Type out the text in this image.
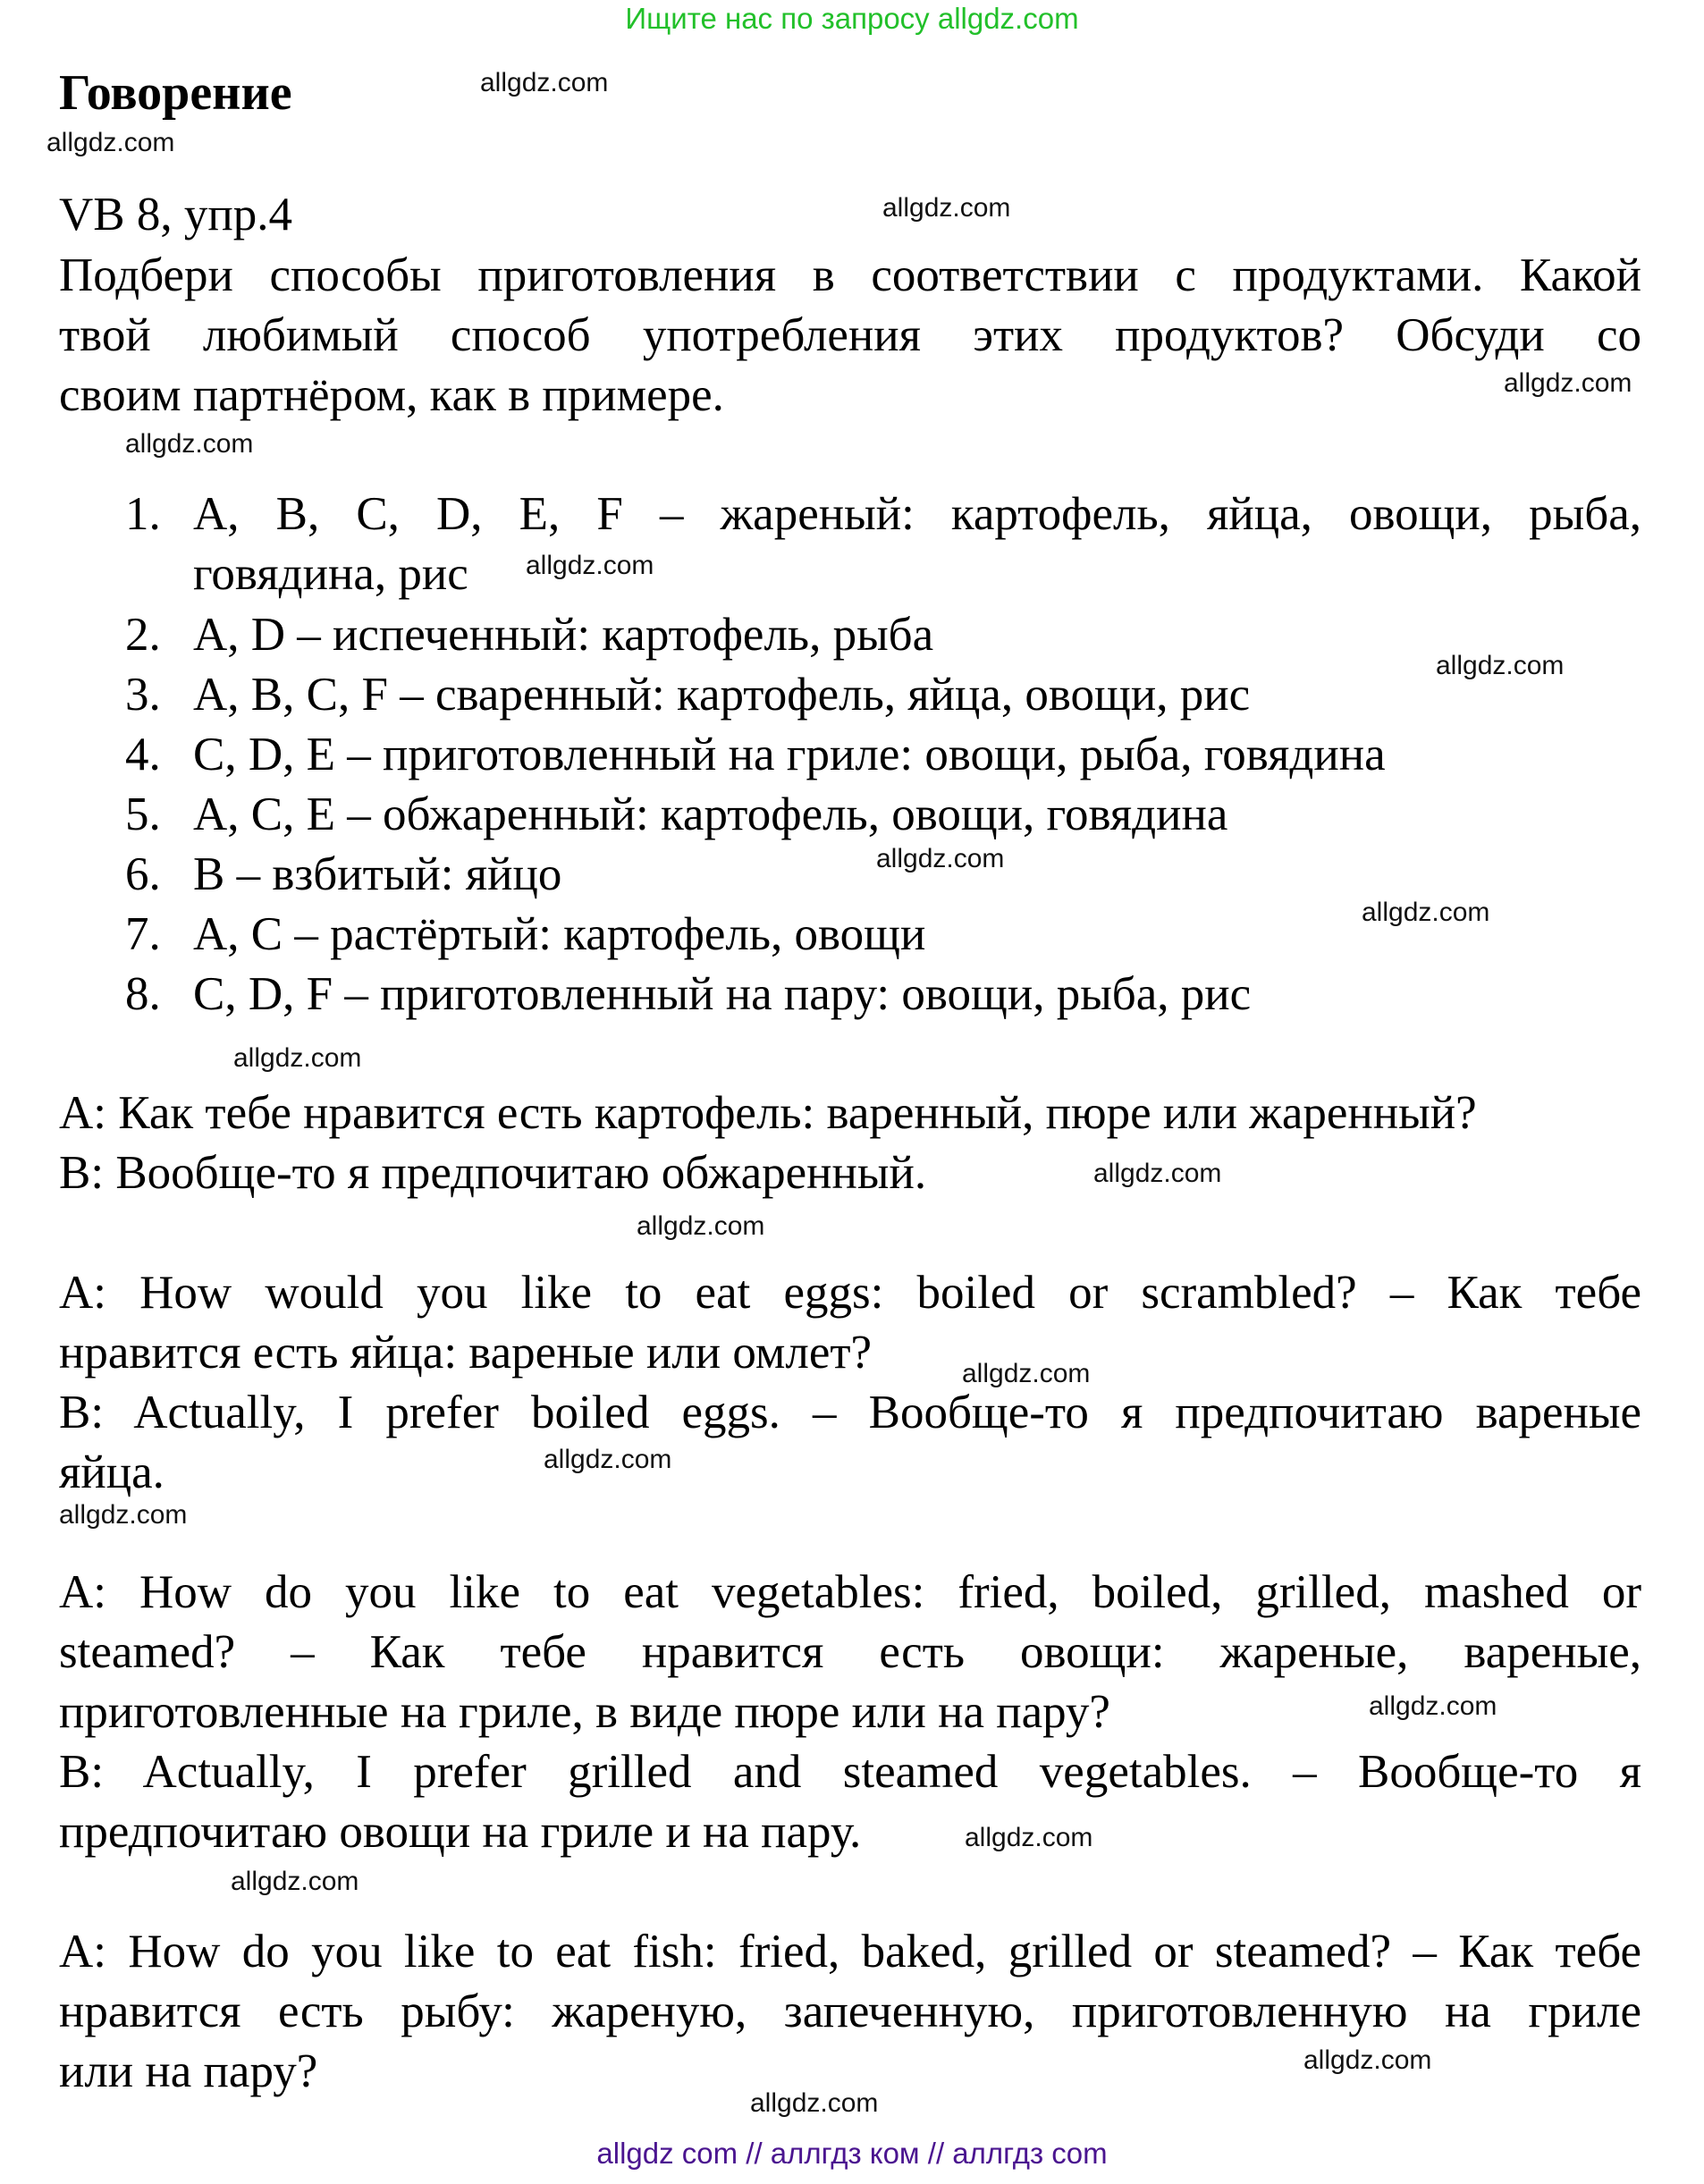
Ищите нас по запросу allgdz.com
Говорение
VB 8, упр.4
Подбери способы приготовления в соответствии с продуктами. Какой
твой любимый способ употребления этих продуктов? Обсуди со
своим партнёром, как в примере.
1. A, B, C, D, E, F – жареный: картофель, яйца, овощи, рыба,
говядина, рис
2. A, D – испеченный: картофель, рыба
3. A, B, C, F – сваренный: картофель, яйца, овощи, рис
4. C, D, E – приготовленный на гриле: овощи, рыба, говядина
5. A, C, E – обжаренный: картофель, овощи, говядина
6. B – взбитый: яйцо
7. A, C – растёртый: картофель, овощи
8. C, D, F – приготовленный на пару: овощи, рыба, рис
A: Как тебе нравится есть картофель: варенный, пюре или жаренный?
B: Вообще-то я предпочитаю обжаренный.
A: How would you like to eat eggs: boiled or scrambled? – Как тебе
нравится есть яйца: вареные или омлет?
B: Actually, I prefer boiled eggs. – Вообще-то я предпочитаю вареные
яйца.
A: How do you like to eat vegetables: fried, boiled, grilled, mashed or
steamed? – Как тебе нравится есть овощи: жареные, вареные,
приготовленные на гриле, в виде пюре или на пару?
B: Actually, I prefer grilled and steamed vegetables. – Вообще-то я
предпочитаю овощи на гриле и на пару.
A: How do you like to eat fish: fried, baked, grilled or steamed? – Как тебе
нравится есть рыбу: жареную, запеченную, приготовленную на гриле
или на пару?
allgdz.com
allgdz.com
allgdz.com
allgdz.com
allgdz.com
allgdz.com
allgdz.com
allgdz.com
allgdz.com
allgdz.com
allgdz.com
allgdz.com
allgdz.com
allgdz.com
allgdz.com
allgdz.com
allgdz.com
allgdz.com
allgdz.com
allgdz.com
allgdz com // аллгдз ком // аллгдз com
